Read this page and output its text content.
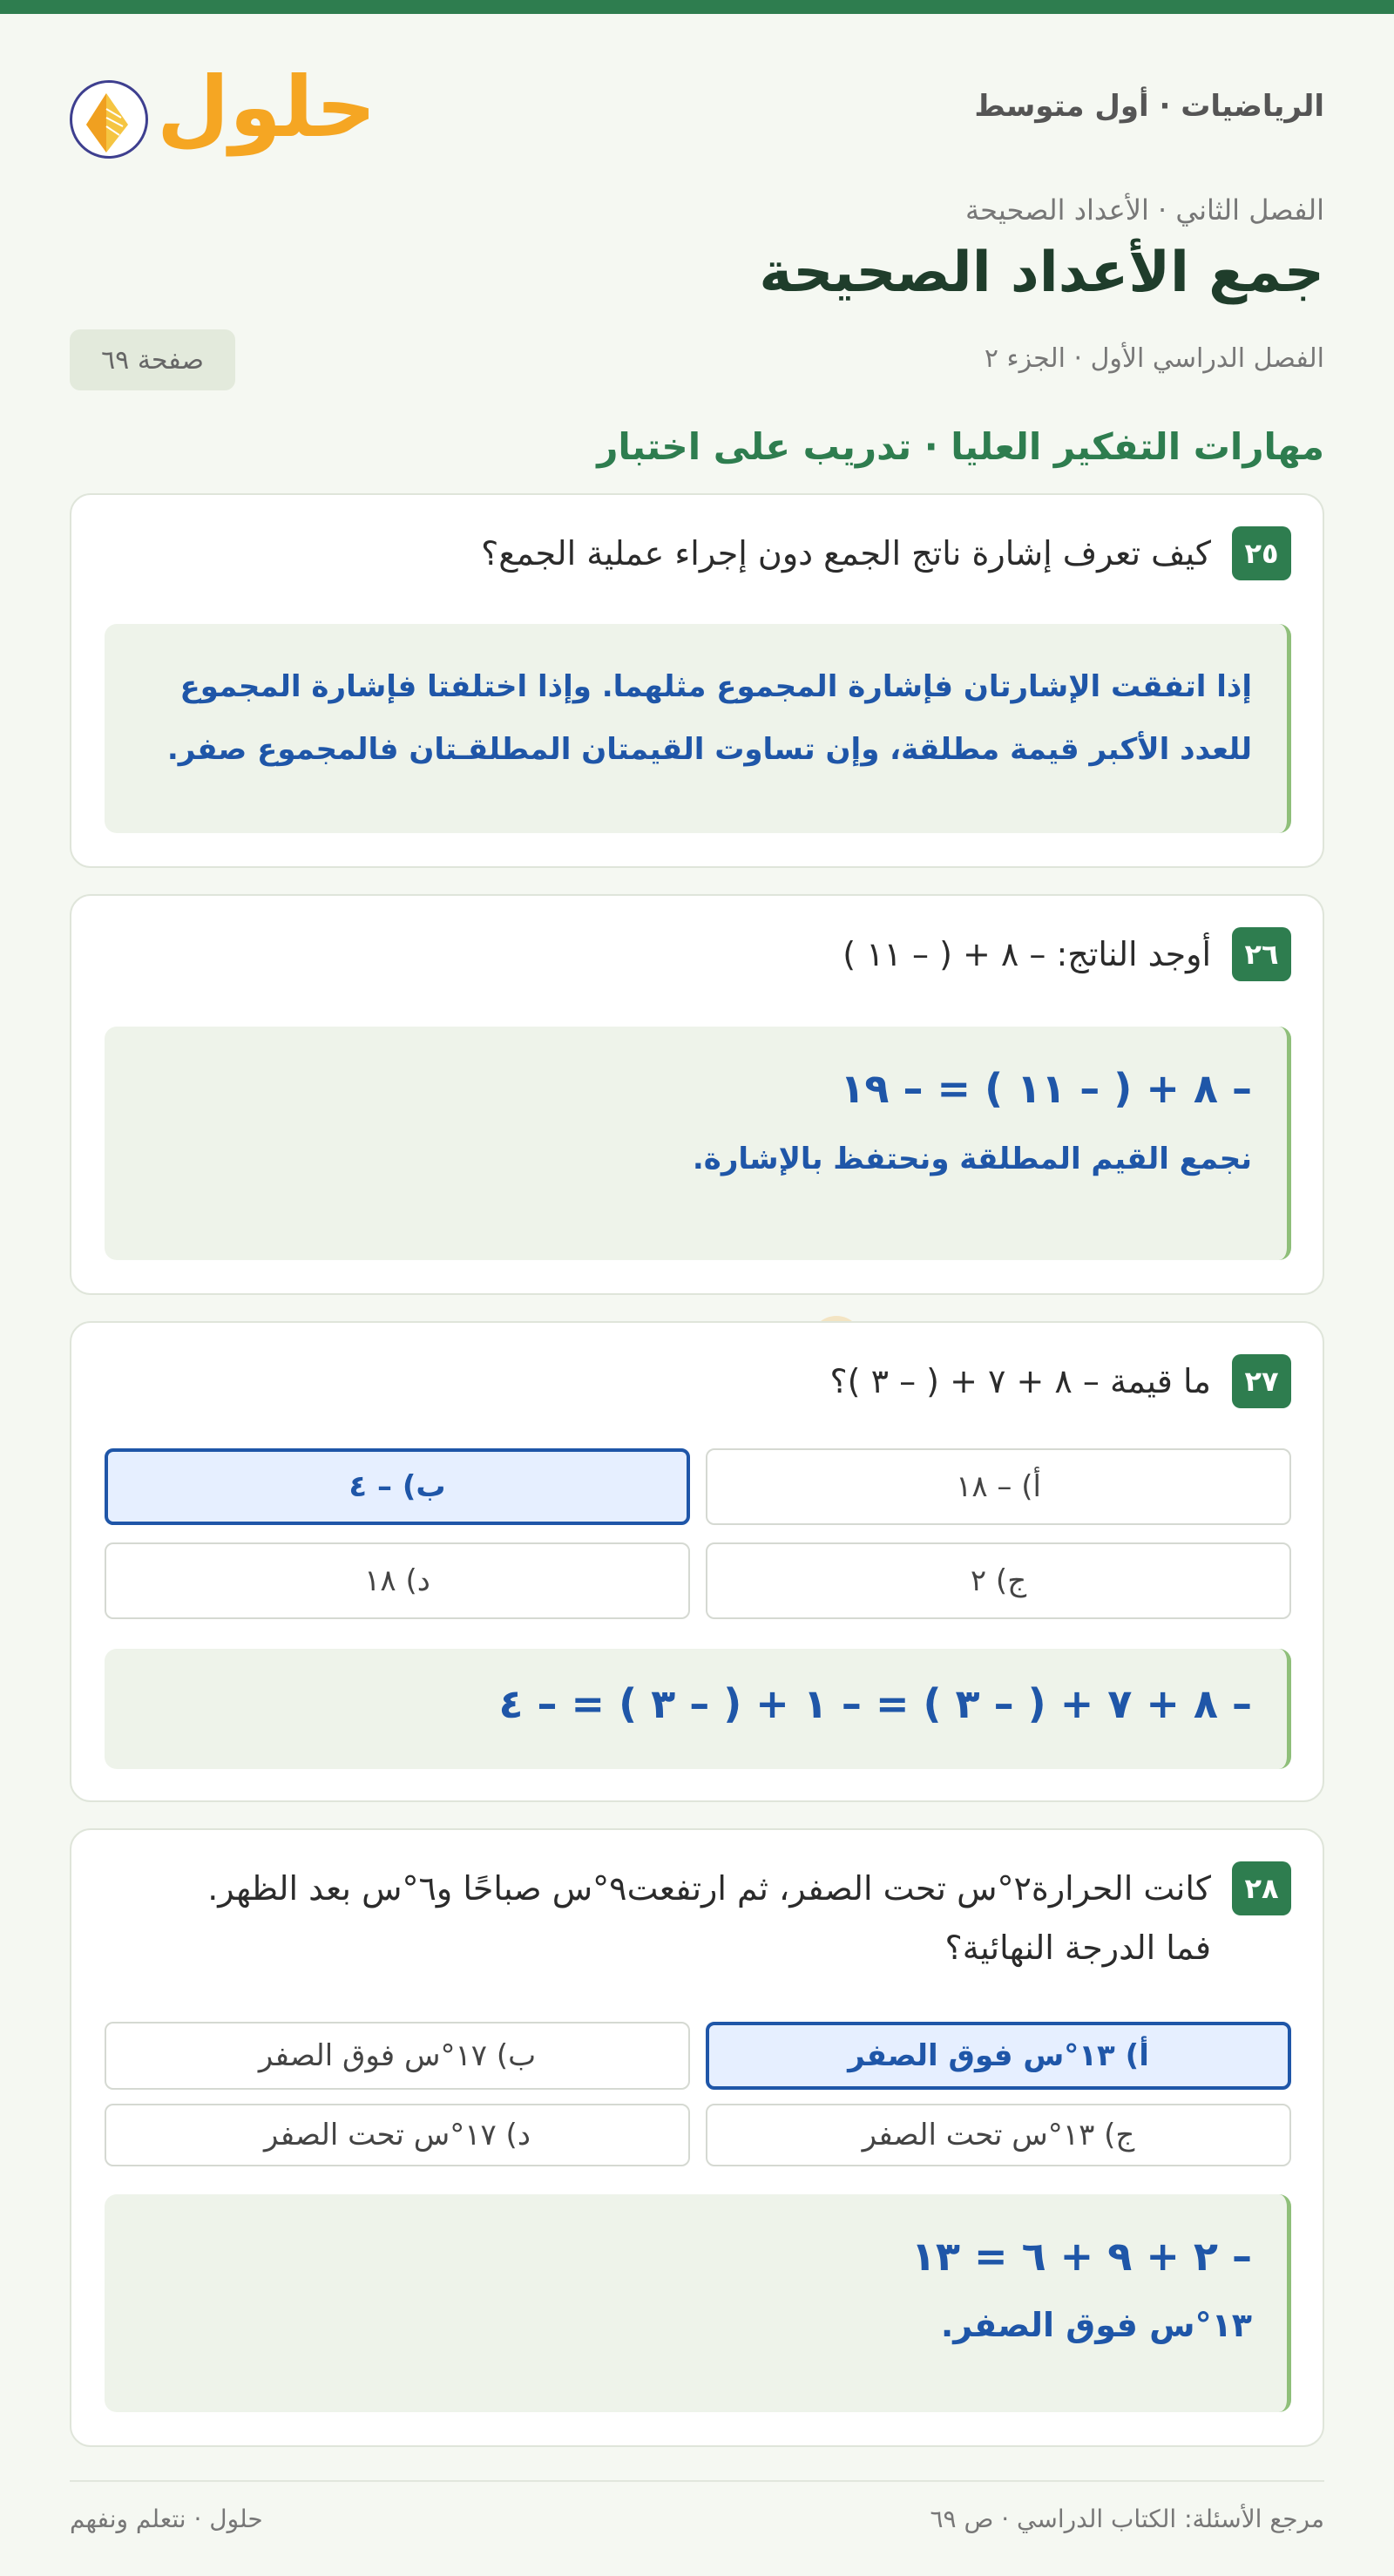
الرياضيات · أول متوسط
حلول
الفصل الثاني · الأعداد الصحيحة
جمع الأعداد الصحيحة
الفصل الدراسي الأول · الجزء ٢
صفحة ٦٩
مهارات التفكير العليا · تدريب على اختبار
٢٥
كيف تعرف إشارة ناتج الجمع دون إجراء عملية الجمع؟
إذا اتفقت الإشارتان فإشارة المجموع مثلهما. وإذا اختلفتا فإشارة المجموع
للعدد الأكبر قيمة مطلقة، وإن تساوت القيمتان المطلقـتان فالمجموع صفر.
٢٦
أوجد الناتج: – ٨ + ( – ١١ )
– ٨ + ( – ١١ ) = – ١٩
نجمع القيم المطلقة ونحتفظ بالإشارة.
٢٧
ما قيمة – ٨ + ٧ + ( – ٣ )؟
أ) – ١٨
ب) – ٤
ج) ٢
د) ١٨
– ٨ + ٧ + ( – ٣ ) = – ١ + ( – ٣ ) = – ٤
٢٨
كانت الحرارة٢°س تحت الصفر، ثم ارتفعت٩°س صباحًا و٦°س بعد الظهر.
فما الدرجة النهائية؟
أ) ١٣°س فوق الصفر
ب) ١٧°س فوق الصفر
ج) ١٣°س تحت الصفر
د) ١٧°س تحت الصفر
– ٢ + ٩ + ٦ = ١٣
١٣°س فوق الصفر.
مرجع الأسئلة: الكتاب الدراسي · ص ٦٩
حلول · نتعلم ونفهم
